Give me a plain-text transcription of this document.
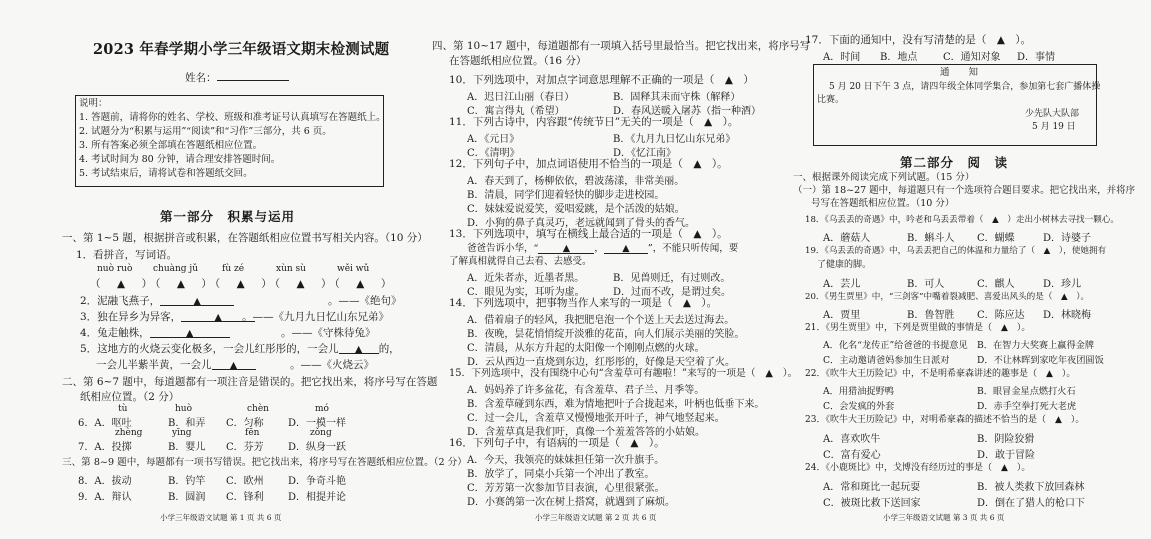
2023 年春学期小学三年级语文期末检测试题
姓名：
说明：
1. 答题前，请将你的姓名、学校、班级和准考证号认真填写在答题纸上。
2. 试题分为“积累与运用”“阅读”和“习作”三部分，共 6 页。
3. 所有答案必须全部填在答题纸相应位置。
4. 考试时间为 80 分钟，请合理安排答题时间。
5. 考试结束后，请将试卷和答题纸交回。
第一部分　积累与运用
一、第 1~5 题，根据拼音或积累，在答题纸相应位置书写相关内容。（10 分）
1．看拼音，写词语。
nuò ruò chuàng jǔ	fù zé	xùn sù	wěi wǔ
（　▲　）（　▲　）（　▲　）（　▲　）（　▲　）
2．泥融飞燕子，	▲	。——《绝句》
3．独在异乡为异客，	▲	。——《九月九日忆山东兄弟》
4．兔走触株，	▲	。——《守株待兔》
5．这地方的火烧云变化极多，一会儿红彤彤的，一会儿 ▲ 的，
一会儿半紫半黄，一会儿 ▲	。——《火烧云》
二、第 6~7 题中，每道题都有一项注音是错误的。把它找出来，将序号写在答题
纸相应位置。（2 分）
tù	huò	chèn	mó
6．A．呕吐	B．和弄 C．匀称 D．一模一样
zhèng	yīng	fēn	zǒng
7．A．投掷	B．婴儿 C．芬芳 D．纵身一跃
三、第 8~9 题中，每题都有一项书写错误。把它找出来，将序号写在答题纸相应位置。（2 分）
8．A．拔动	B．钓竿 C．欧州 D．争奇斗艳
9．A．辩认	B．圆润 C．锋利 D．相提并论
小学三年级语文试题 第 1 页 共 6 页
四、第 10~17 题中，每道题都有一项填入括号里最恰当。把它找出来，将序号写
在答题纸相应位置。（16 分）
10．下列选项中，对加点字词意思理解不正确的一项是（　▲　）
A．迟日江山丽（春日）	B．固释其耒而守株（解释）
C．寓言得丸（希望）	D．春风送暖入屠苏（指一种酒）
11．下列古诗中，内容跟“传统节日”无关的一项是（　▲　）。
A．《元日》	B．《九月九日忆山东兄弟》
C．《清明》	D．《忆江南》
12．下列句子中，加点词语使用不恰当的一项是（　▲　）。
A．春天到了，杨柳依依，碧波荡漾，非常美丽。
B．清晨，同学们迎着轻快的脚步走进校园。
C．妹妹爱说爱笑，爱唱爱跳，是个活泼的姑娘。
D．小狗的鼻子真灵巧，老远就闻到了骨头的香气。
13．下列选项中，填写在横线上最合适的一项是（　▲　）。
爸爸告诉小华，“	▲	， ▲ ”，不能只听传闻，要
了解真相就得自己去看、去感受。
A．近朱者赤，近墨者黑。	B．见兽则迁，有过则改。
C．眼见为实，耳听为虚。	D．过而不改，是谓过矣。
14．下列选项中，把事物当作人来写的一项是（　▲　）。
A．借着扇子的轻风，我把肥皂泡一个个送上天去送过海去。
B．夜晚，昙花悄悄绽开淡雅的花苗，向人们展示美丽的笑脸。
C．清晨，从东方升起的太阳像一个刚刚点燃的火球。
D．云从西边一直烧到东边，红彤彤的，好像是天空着了火。
15．下列选项中，没有围绕中心句“含羞草可有趣啦！”来写的一项是（　▲　）。
A．妈妈养了许多盆花，有含羞草、君子兰、月季等。
B．含羞草碰到东西，难为情地把叶子合拢起来，叶柄也低垂下来。
C．过一会儿，含羞草又慢慢地张开叶子，神气地竖起来。
D．含羞草真是我们吁，真像一个羞羞答答的小姑娘。
16．下列句子中，有语病的一项是（　▲　）。
A．今天，我领亮的妹妹担任第一次升旗手。
B．放学了，同桌小兵第一个冲出了教室。
C．芳芳第一次参加节目表演，心里很紧张。
D．小赛鸽第一次在树上搭窝，就遇到了麻烦。
小学三年级语文试题 第 2 页 共 6 页
17．下面的通知中，没有写清楚的是（　▲　）。
A．时间 B．地点	C．通知对象 D．事情
通　　知
5 月 20 日下午 3 点，请四年级全体同学集合，参加第七套广播体操
比赛。
少先队大队部
5 月 19 日
第二部分　阅　读
一、根据课外阅读完成下列试题。（15 分）
（一）第 18~27 题中，每道题只有一个选项符合题目要求。把它找出来，并将序
号写在答题纸相应位置。（10 分）
18．《乌丢丢的奇遇》中，吟老和乌丢丢带着（　▲　）走出小树林去寻找一颗心。
A．蘑菇人	B．蝌斗人 C．蝴蝶	D．诗婆子
19．《乌丢丢的奇遇》中，乌丢丢把自己的体温和力量给了（　▲　），使她拥有
了健康的脚。
A．芸儿	B．可人	C．麒人	D．珍儿
20．《男生贾里》中，“三剑客”中嘴着裂减肥、喜爱出风头的是（　▲　）。
A．贾里	B．鲁智胜 C．陈应达 D．林晓梅
21．《男生贾里》中，下列是贾里做的事情是（　▲　）。
A．化名“龙传正”给爸爸的书提意见 B．在智力大奖赛上赢得金牌
C．主动邀请爸妈参加生日派对	D．不让林晖到家吃年夜团圆饭
22．《吹牛大王历险记》中，不是明希豪森讲述的趣事是（　▲　）。
A．用猎油捉野鸭	B．眼冒金星点燃打火石
C．会发疯的外套	D．赤手空拳打死大老虎
23．《吹牛大王历险记》中，对明希豪森的描述不恰当的是（　▲　）。
A．喜欢吹牛	B．阴险狡猾
C．富有爱心	D．敢于冒险
24．《小鹿斑比》中，戈博没有经历过的事是（　▲　）。
A．常和斑比一起玩耍	B．被人类救下放回森林
C．被斑比救下送回家	D．倒在了猎人的枪口下
小学三年级语文试题 第 3 页 共 6 页
